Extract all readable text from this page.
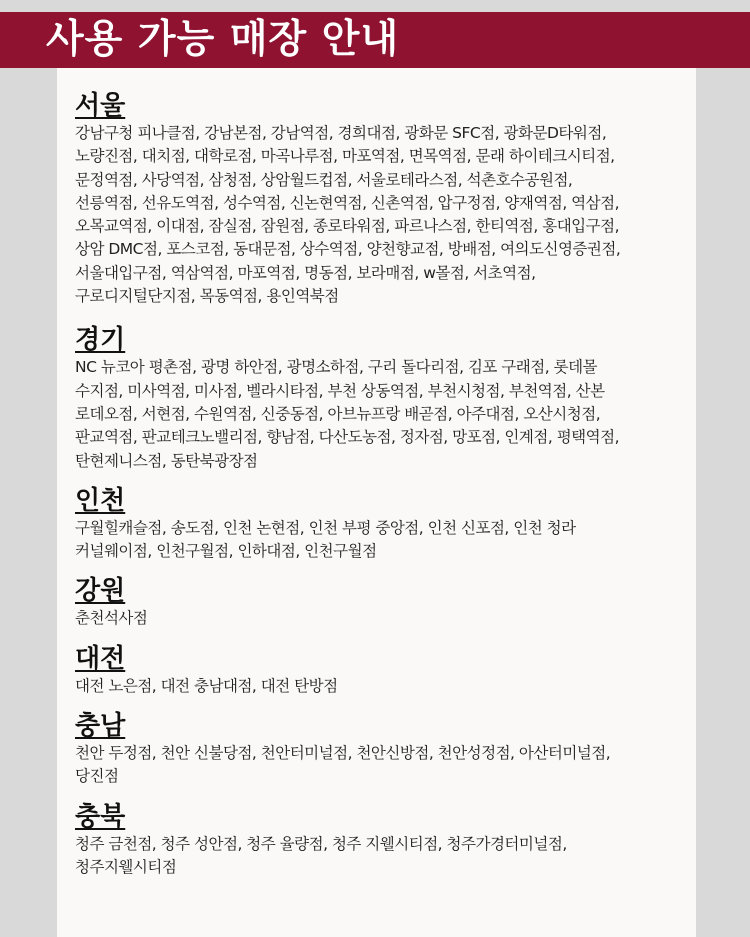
사용 가능 매장 안내
서울

강남구청 피나클점, 강남본점, 강남역점, 경희대점, 광화문 SFC점, 광화문D타워점,
노량진점, 대치점, 대학로점, 마곡나루점, 마포역점, 면목역점, 문래 하이테크시티점,
문정역점, 사당역점, 삼청점, 상암월드컵점, 서울로테라스점, 석촌호수공원점,
선릉역점, 선유도역점, 성수역점, 신논현역점, 신촌역점, 압구정점, 양재역점, 역삼점,
오목교역점, 이대점, 잠실점, 잠원점, 종로타워점, 파르나스점, 한티역점, 홍대입구점,
상암 DMC점, 포스코점, 동대문점, 상수역점, 양천향교점, 방배점, 여의도신영증권점,
서울대입구점, 역삼역점, 마포역점, 명동점, 보라매점, w몰점, 서초역점,
구로디지털단지점, 목동역점, 용인역북점

경기

NC 뉴코아 평촌점, 광명 하안점, 광명소하점, 구리 돌다리점, 김포 구래점, 롯데몰
수지점, 미사역점, 미사점, 벨라시타점, 부천 상동역점, 부천시청점, 부천역점, 산본
로데오점, 서현점, 수원역점, 신중동점, 아브뉴프랑 배곧점, 아주대점, 오산시청점,
판교역점, 판교테크노밸리점, 향남점, 다산도농점, 정자점, 망포점, 인계점, 평택역점,
탄현제니스점, 동탄북광장점

인천

구월힐캐슬점, 송도점, 인천 논현점, 인천 부평 중앙점, 인천 신포점, 인천 청라
커널웨이점, 인천구월점, 인하대점, 인천구월점

강원

춘천석사점

대전

대전 노은점, 대전 충남대점, 대전 탄방점

충남

천안 두정점, 천안 신불당점, 천안터미널점, 천안신방점, 천안성정점, 아산터미널점,
당진점

충북

청주 금천점, 청주 성안점, 청주 율량점, 청주 지웰시티점, 청주가경터미널점,
청주지웰시티점
